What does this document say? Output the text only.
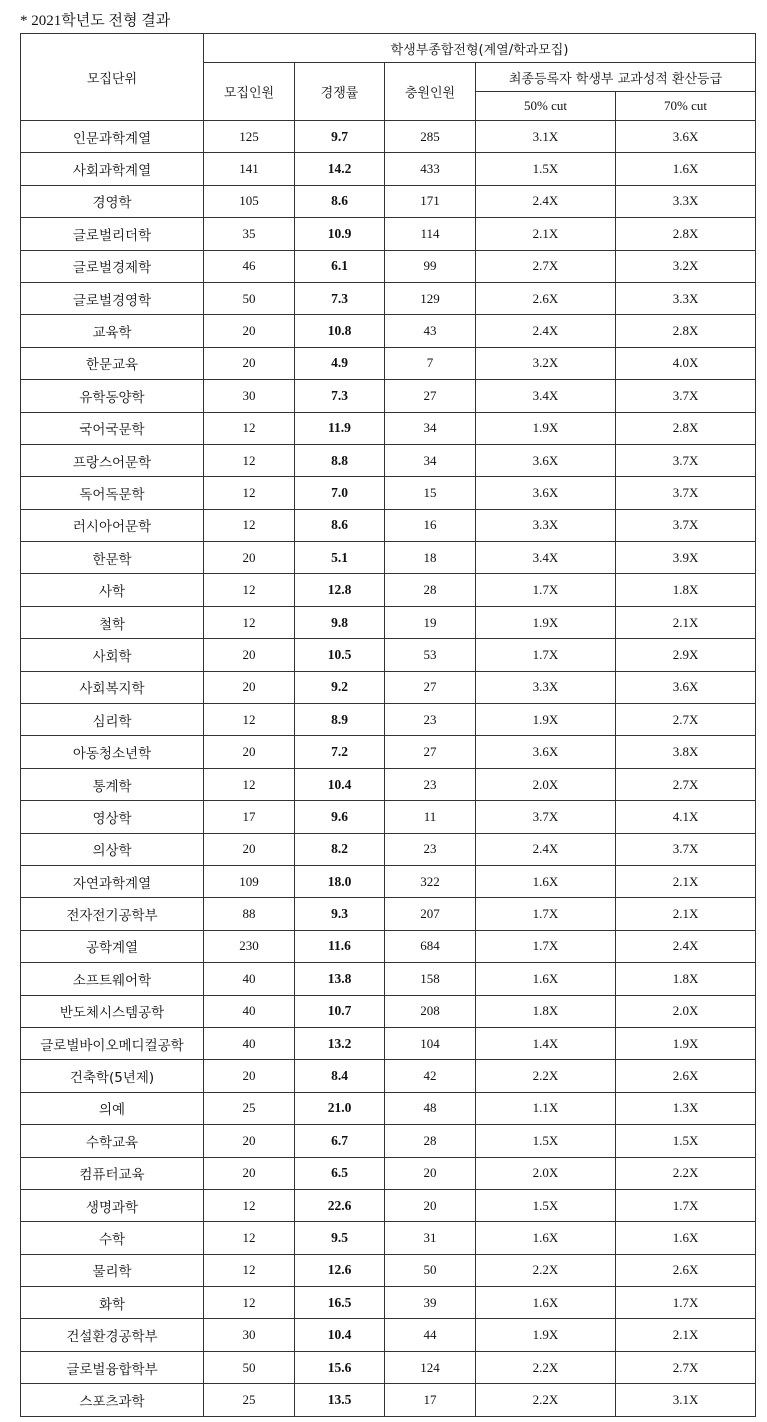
* 2021학년도 전형 결과
모집단위	학생부종합전형(계열/학과모집)				
	모집인원	경쟁률	충원인원	최종등록자 학생부 교과성적 환산등급	
				50% cut	70% cut
인문과학계열	125	9.7	285	3.1X	3.6X
사회과학계열	141	14.2	433	1.5X	1.6X
경영학	105	8.6	171	2.4X	3.3X
글로벌리더학	35	10.9	114	2.1X	2.8X
글로벌경제학	46	6.1	99	2.7X	3.2X
글로벌경영학	50	7.3	129	2.6X	3.3X
교육학	20	10.8	43	2.4X	2.8X
한문교육	20	4.9	7	3.2X	4.0X
유학동양학	30	7.3	27	3.4X	3.7X
국어국문학	12	11.9	34	1.9X	2.8X
프랑스어문학	12	8.8	34	3.6X	3.7X
독어독문학	12	7.0	15	3.6X	3.7X
러시아어문학	12	8.6	16	3.3X	3.7X
한문학	20	5.1	18	3.4X	3.9X
사학	12	12.8	28	1.7X	1.8X
철학	12	9.8	19	1.9X	2.1X
사회학	20	10.5	53	1.7X	2.9X
사회복지학	20	9.2	27	3.3X	3.6X
심리학	12	8.9	23	1.9X	2.7X
아동청소년학	20	7.2	27	3.6X	3.8X
통계학	12	10.4	23	2.0X	2.7X
영상학	17	9.6	11	3.7X	4.1X
의상학	20	8.2	23	2.4X	3.7X
자연과학계열	109	18.0	322	1.6X	2.1X
전자전기공학부	88	9.3	207	1.7X	2.1X
공학계열	230	11.6	684	1.7X	2.4X
소프트웨어학	40	13.8	158	1.6X	1.8X
반도체시스템공학	40	10.7	208	1.8X	2.0X
글로벌바이오메디컬공학	40	13.2	104	1.4X	1.9X
건축학(5년제)	20	8.4	42	2.2X	2.6X
의예	25	21.0	48	1.1X	1.3X
수학교육	20	6.7	28	1.5X	1.5X
컴퓨터교육	20	6.5	20	2.0X	2.2X
생명과학	12	22.6	20	1.5X	1.7X
수학	12	9.5	31	1.6X	1.6X
물리학	12	12.6	50	2.2X	2.6X
화학	12	16.5	39	1.6X	1.7X
건설환경공학부	30	10.4	44	1.9X	2.1X
글로벌융합학부	50	15.6	124	2.2X	2.7X
스포츠과학	25	13.5	17	2.2X	3.1X
